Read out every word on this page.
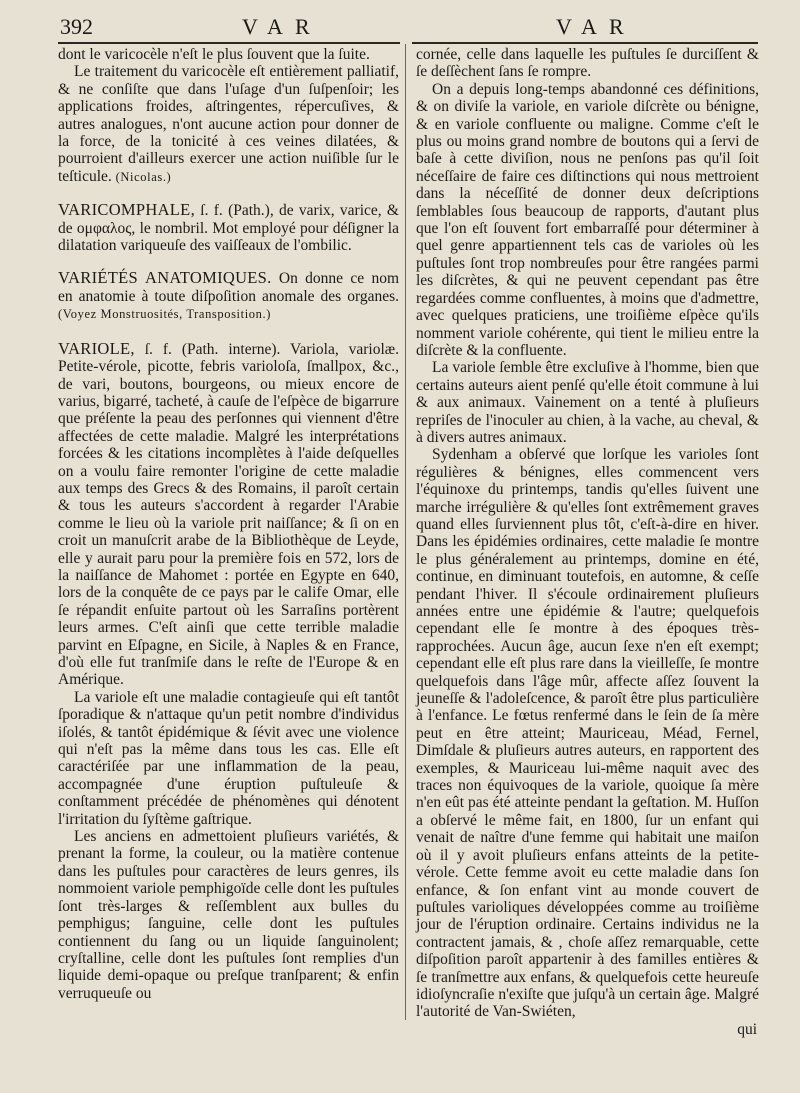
392	VAR	VAR

dont le varicocèle n'eſt le plus ſouvent que la ſuite.

Le traitement du varicocèle eſt entièrement palliatif, & ne conſiſte que dans l'uſage d'un ſuſpenſoir; les applications froides, aſtringentes, répercuſives, & autres analogues, n'ont aucune action pour donner de la force, de la tonicité à ces veines dilatées, & pourroient d'ailleurs exercer une action nuiſible ſur le teſticule. (Nicolas.)

VARICOMPHALE, ſ. f. (Path.), de varix, varice, & de ομφαλος, le nombril. Mot employé pour déſigner la dilatation variqueuſe des vaiſſeaux de l'ombilic.

VARIÉTÉS ANATOMIQUES. On donne ce nom en anatomie à toute diſpoſition anomale des organes. (Voyez Monstruosités, Transposition.)

VARIOLE, ſ. f. (Path. interne). Variola, variolæ. Petite-vérole, picotte, febris varioloſa, ſmallpox, &c., de vari, boutons, bourgeons, ou mieux encore de varius, bigarré, tacheté, à cauſe de l'eſpèce de bigarrure que préſente la peau des perſonnes qui viennent d'être affectées de cette maladie. Malgré les interprétations forcées & les citations incomplètes à l'aide deſquelles on a voulu faire remonter l'origine de cette maladie aux temps des Grecs & des Romains, il paroît certain & tous les auteurs s'accordent à regarder l'Arabie comme le lieu où la variole prit naiſſance; & ſi on en croit un manuſcrit arabe de la Bibliothèque de Leyde, elle y aurait paru pour la première fois en 572, lors de la naiſſance de Mahomet : portée en Egypte en 640, lors de la conquête de ce pays par le calife Omar, elle ſe répandit enſuite partout où les Sarraſins portèrent leurs armes. C'eſt ainſi que cette terrible maladie parvint en Eſpagne, en Sicile, à Naples & en France, d'où elle fut tranſmiſe dans le reſte de l'Europe & en Amérique.

La variole eſt une maladie contagieuſe qui eſt tantôt ſporadique & n'attaque qu'un petit nombre d'individus iſolés, & tantôt épidémique & ſévit avec une violence qui n'eſt pas la même dans tous les cas. Elle eſt caractériſée par une inflammation de la peau, accompagnée d'une éruption puſtuleuſe & conſtamment précédée de phénomènes qui dénotent l'irritation du ſyſtème gaſtrique.

Les anciens en admettoient pluſieurs variétés, & prenant la forme, la couleur, ou la matière contenue dans les puſtules pour caractères de leurs genres, ils nommoient variole pemphigoïde celle dont les puſtules ſont très-larges & reſſemblent aux bulles du pemphigus; ſanguine, celle dont les puſtules contiennent du ſang ou un liquide ſanguinolent; cryſtalline, celle dont les puſtules ſont remplies d'un liquide demi-opaque ou preſque tranſparent; & enfin verruqueuſe ou

cornée, celle dans laquelle les puſtules ſe durciſſent & ſe deſſèchent ſans ſe rompre.

On a depuis long-temps abandonné ces définitions, & on diviſe la variole, en variole diſcrète ou bénigne, & en variole confluente ou maligne. Comme c'eſt le plus ou moins grand nombre de boutons qui a ſervi de baſe à cette diviſion, nous ne penſons pas qu'il ſoit néceſſaire de faire ces diſtinctions qui nous mettroient dans la néceſſité de donner deux deſcriptions ſemblables ſous beaucoup de rapports, d'autant plus que l'on eſt ſouvent fort embarraſſé pour déterminer à quel genre appartiennent tels cas de varioles où les puſtules ſont trop nombreuſes pour être rangées parmi les diſcrètes, & qui ne peuvent cependant pas être regardées comme confluentes, à moins que d'admettre, avec quelques praticiens, une troiſième eſpèce qu'ils nomment variole cohérente, qui tient le milieu entre la diſcrète & la confluente.

La variole ſemble être excluſive à l'homme, bien que certains auteurs aient penſé qu'elle étoit commune à lui & aux animaux. Vainement on a tenté à pluſieurs repriſes de l'inoculer au chien, à la vache, au cheval, & à divers autres animaux.

Sydenham a obſervé que lorſque les varioles ſont régulières & bénignes, elles commencent vers l'équinoxe du printemps, tandis qu'elles ſuivent une marche irrégulière & qu'elles ſont extrêmement graves quand elles ſurviennent plus tôt, c'eſt-à-dire en hiver. Dans les épidémies ordinaires, cette maladie ſe montre le plus généralement au printemps, domine en été, continue, en diminuant toutefois, en automne, & ceſſe pendant l'hiver. Il s'écoule ordinairement pluſieurs années entre une épidémie & l'autre; quelquefois cependant elle ſe montre à des époques très-rapprochées. Aucun âge, aucun ſexe n'en eſt exempt; cependant elle eſt plus rare dans la vieilleſſe, ſe montre quelquefois dans l'âge mûr, affecte aſſez ſouvent la jeuneſſe & l'adoleſcence, & paroît être plus particulière à l'enfance. Le fœtus renfermé dans le ſein de ſa mère peut en être atteint; Mauriceau, Méad, Fernel, Dimſdale & pluſieurs autres auteurs, en rapportent des exemples, & Mauriceau lui-même naquit avec des traces non équivoques de la variole, quoique ſa mère n'en eût pas été atteinte pendant la geſtation. M. Huſſon a obſervé le même fait, en 1800, ſur un enfant qui venait de naître d'une femme qui habitait une maiſon où il y avoit pluſieurs enfans atteints de la petite-vérole. Cette femme avoit eu cette maladie dans ſon enfance, & ſon enfant vint au monde couvert de puſtules varioliques développées comme au troiſième jour de l'éruption ordinaire. Certains individus ne la contractent jamais, & , choſe aſſez remarquable, cette diſpoſition paroît appartenir à des familles entières & ſe tranſmettre aux enfans, & quelquefois cette heureuſe idioſyncraſie n'exiſte que juſqu'à un certain âge. Malgré l'autorité de Van-Swiéten,

qui
